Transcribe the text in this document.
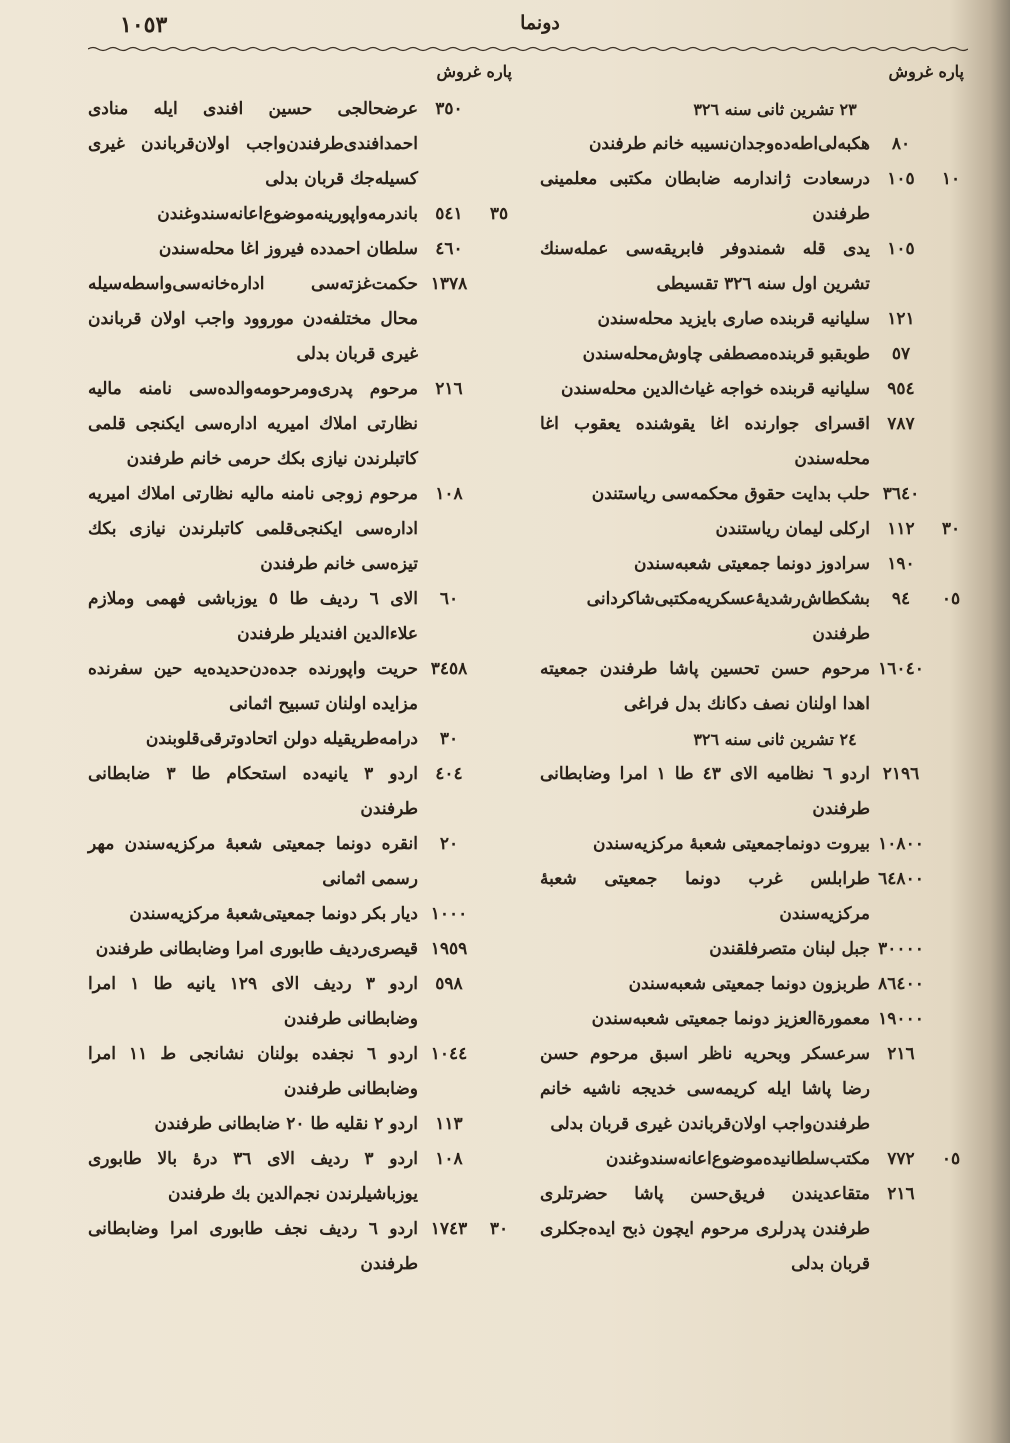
١٠٥٣	دونما
پاره غروش
٢٣ تشرين ثانی سنه ٣٢٦
٨٠
هکبه‌لی‌اطه‌ده‌وجدان‌نسیبه خانم طرفندن
١٠
١٠٥
درسعادت ژاندارمه ضابطان مکتبی معلمینی طرفندن
١٠٥
یدی قله شمندوفر فابریقه‌سی عمله‌سنك تشرین اول سنه ٣٢٦ تقسیطی
١٢١
سلیانیه قربنده صاری بایزید محله‌سندن
٥٧
طوبقبو قربنده‌مصطفی چاوش‌محله‌سندن
٩٥٤
سلیانیه قربنده خواجه غیاث‌الدین محله‌سندن
٧٨٧
اقسرای جوارنده اغا یقوشنده یعقوب اغا محله‌سندن
٣٦٤٠
حلب بدایت حقوق محکمه‌سی ریاستندن
٣٠
١١٢
ارکلی لیمان ریاستندن
١٩٠
سرادوز دونما جمعیتی شعبه‌سندن
٠٥
٩٤
بشکطاش‌رشدیهٔ‌عسکریه‌مکتبی‌شاکردانی طرفندن
١٦٠٤٠
مرحوم حسن تحسین پاشا طرفندن جمعیته اهدا اولنان نصف دکانك بدل فراغی
٢٤ تشرين ثانی سنه ٣٢٦
٢١٩٦
اردو ٦ نظامیه الای ٤٣ طا ١ امرا وضابطانی طرفندن
١٠٨٠٠
بیروت دونماجمعیتی شعبهٔ مرکزیه‌سندن
٦٤٨٠٠
طرابلس غرب دونما جمعیتی شعبهٔ مرکزیه‌سندن
٣٠٠٠٠
جبل لبنان متصرفلقندن
٨٦٤٠٠
طربزون دونما جمعیتی شعبه‌سندن
١٩٠٠٠
معمورةالعزیز دونما جمعیتی شعبه‌سندن
٢١٦
سرعسکر وبحریه ناظر اسبق مرحوم حسن رضا پاشا ایله کریمه‌سی خدیجه ناشیه خانم طرفندن‌واجب اولان‌قرباندن غیری قربان بدلی
٠٥
٧٧٢
مکتب‌سلطانیده‌موضوع‌اعانه‌سندوغندن
٢١٦
متقاعدیندن فریق‌حسن پاشا حضرتلری طرفندن پدرلری مرحوم ایچون ذبح ایده‌جکلری قربان بدلی
پاره غروش
٣٥٠
عرضحالجی حسین افندی ایله منادی احمدافندی‌طرفندن‌واجب اولان‌قرباندن غیری کسیله‌جك قربان بدلی
٣٥
٥٤١
باندرمه‌واپورینه‌موضوع‌اعانه‌سندوغندن
٤٦٠
سلطان احمدده فیروز اغا محله‌سندن
١٣٧٨
حکمت‌غزته‌سی اداره‌خانه‌سی‌واسطه‌سیله محال مختلفه‌دن موروود واجب اولان قرباندن غیری قربان بدلی
٢١٦
مرحوم پدری‌ومرحومه‌والده‌سی نامنه مالیه نظارتی املاك امیریه اداره‌سی ایکنجی قلمی کاتبلرندن نیازی بکك حرمی خانم طرفندن
١٠٨
مرحوم زوجی نامنه مالیه نظارتی املاك امیریه اداره‌سی ایکنجی‌قلمی کاتبلرندن نیازی بکك تیزه‌سی خانم طرفندن
٦٠
الای ٦ ردیف طا ٥ یوزباشی فهمی وملازم علاءالدین افندیلر طرفندن
٣٤٥٨
حریت واپورنده جده‌دن‌حدیده‌یه حین سفرنده مزایده اولنان تسبیح اثمانی
٣٠
درامه‌طریقیله دولن اتحادوترقی‌قلوبندن
٤٠٤
اردو ٣ یانیه‌ده استحکام طا ٣ ضابطانی طرفندن
٢٠
انقره دونما جمعیتی شعبهٔ مرکزیه‌سندن مهر رسمی اثمانی
١٠٠٠
دیار بکر دونما جمعیتی‌شعبهٔ مرکزیه‌سندن
١٩٥٩
قیصری‌ردیف طابوری امرا وضابطانی طرفندن
٥٩٨
اردو ٣ ردیف الای ١٢٩ یانیه طا ١ امرا وضابطانی طرفندن
١٠٤٤
اردو ٦ نجفده بولنان نشانجی ط ١١ امرا وضابطانی طرفندن
١١٣
اردو ٢ نقلیه طا ٢٠ ضابطانی طرفندن
١٠٨
اردو ٣ ردیف الای ٣٦ درهٔ بالا طابوری یوزباشیلرندن نجم‌الدین بك طرفندن
٣٠
١٧٤٣
اردو ٦ ردیف نجف طابوری امرا وضابطانی طرفندن
